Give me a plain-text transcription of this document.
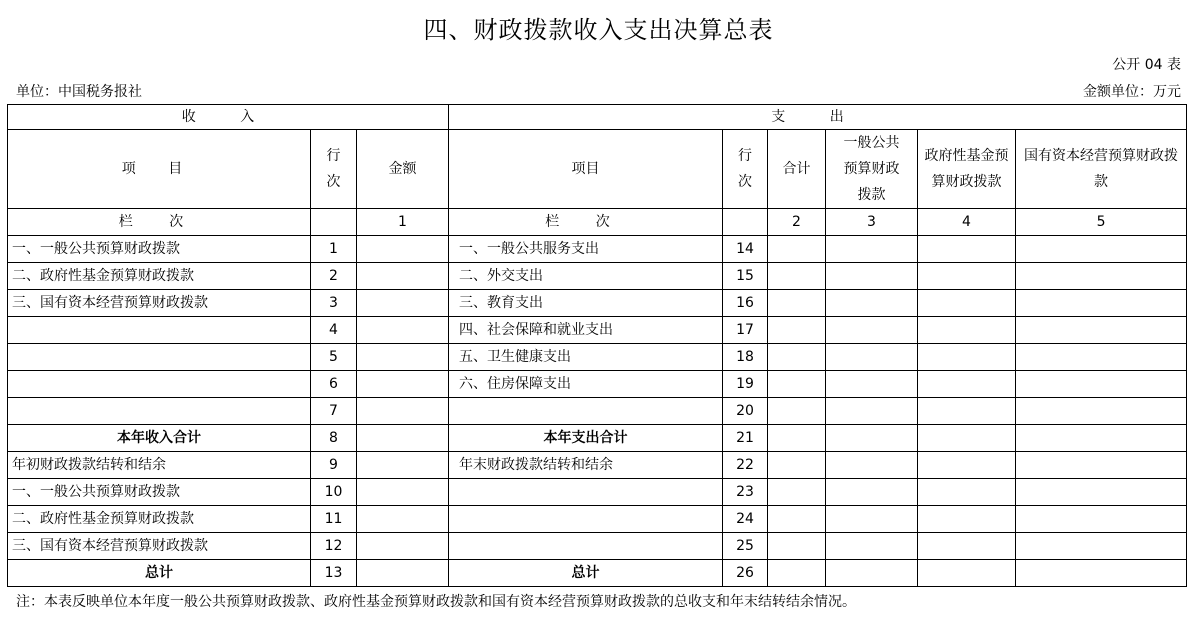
四、财政拨款收入支出决算总表
公开 04 表
单位：中国税务报社	金额单位：万元
收 入			支 出					
项 目	行次	金额	项目	行次	合计	一般公共预算财政拨款	政府性基金预算财政拨款	国有资本经营预算财政拨款
栏 次		1	栏 次		2	3	4	5
一、一般公共预算财政拨款	1		一、一般公共服务支出	14				
二、政府性基金预算财政拨款	2		二、外交支出	15				
三、国有资本经营预算财政拨款	3		三、教育支出	16				
	4		四、社会保障和就业支出	17				
	5		五、卫生健康支出	18				
	6		六、住房保障支出	19				
	7			20				
本年收入合计	8		本年支出合计	21				
年初财政拨款结转和结余	9		年末财政拨款结转和结余	22				
一、一般公共预算财政拨款	10			23				
二、政府性基金预算财政拨款	11			24				
三、国有资本经营预算财政拨款	12			25				
总计	13		总计	26				
注：本表反映单位本年度一般公共预算财政拨款、政府性基金预算财政拨款和国有资本经营预算财政拨款的总收支和年末结转结余情况。
